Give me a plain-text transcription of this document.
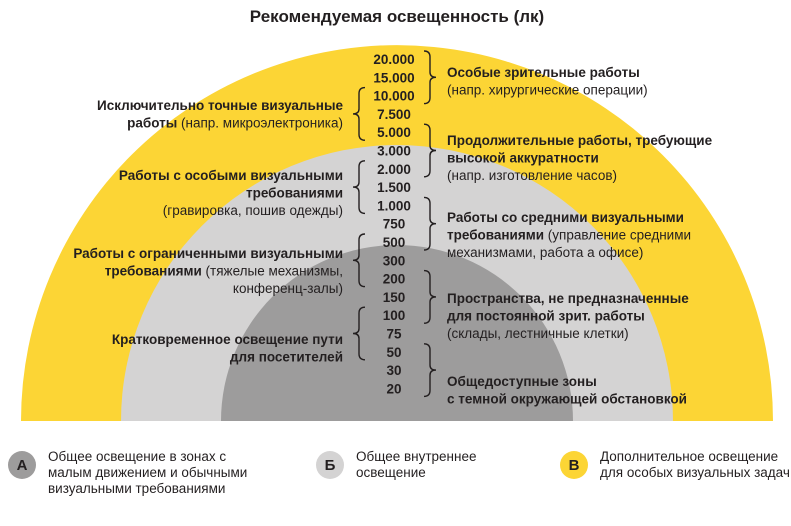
Рекомендуемая освещенность (лк)
20.000
15.000
10.000
7.500
5.000
3.000
2.000
1.500
1.000
750
500
300
200
150
100
75
50
30
20
Исключительно точные визуальные
работы (напр. микроэлектроника)
Работы с особыми визуальными
требованиями
(гравировка, пошив одежды)
Работы с ограниченными визуальными
требованиями (тяжелые механизмы,
конференц-залы)
Кратковременное освещение пути
для посетителей
Особые зрительные работы
(напр. хирургические операции)
Продолжительные работы, требующие
высокой аккуратности
(напр. изготовление часов)
Работы со средними визуальными
требованиями (управление средними
механизмами, работа а офисе)
Пространства, не предназначенные
для постоянной зрит. работы
(склады, лестничные клетки)
Общедоступные зоны
с темной окружающей обстановкой
А	Общее освещение в зонах с малым движением и обычными визуальными требованиями
Б	Общее внутреннее освещение	В	Дополнительное освещение для особых визуальных задач
